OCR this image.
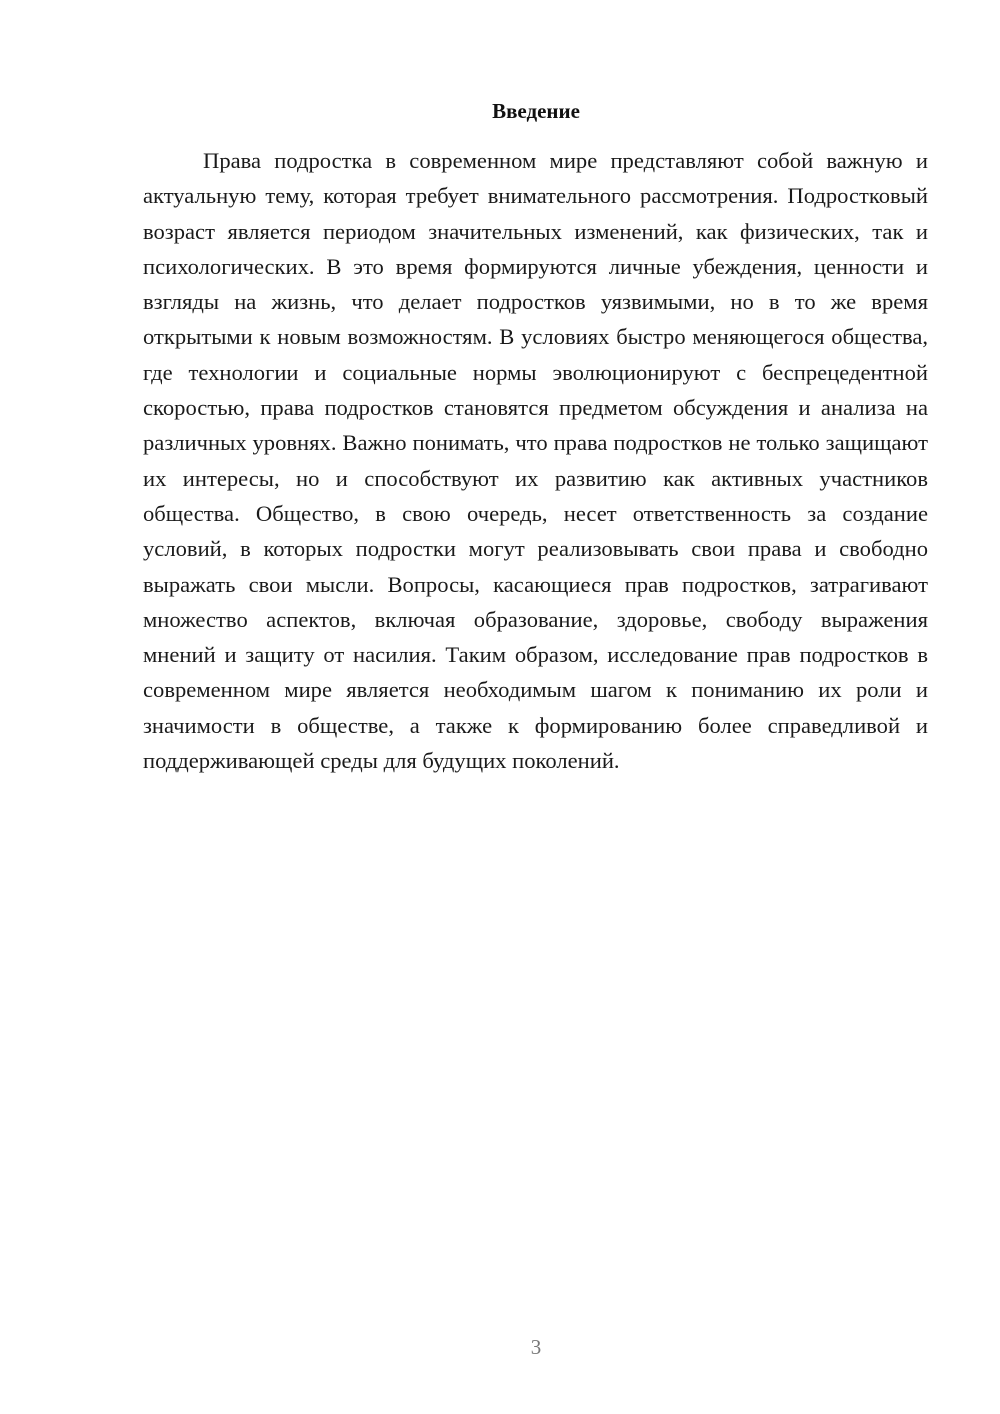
Введение

Права подростка в современном мире представляют собой важную и актуальную тему, которая требует внимательного рассмотрения. Подростковый возраст является периодом значительных изменений, как физических, так и психологических. В это время формируются личные убеждения, ценности и взгляды на жизнь, что делает подростков уязвимыми, но в то же время открытыми к новым возможностям. В условиях быстро меняющегося общества, где технологии и социальные нормы эволюционируют с беспрецедентной скоростью, права подростков становятся предметом обсуждения и анализа на различных уровнях. Важно понимать, что права подростков не только защищают их интересы, но и способствуют их развитию как активных участников общества. Общество, в свою очередь, несет ответственность за создание условий, в которых подростки могут реализовывать свои права и свободно выражать свои мысли. Вопросы, касающиеся прав подростков, затрагивают множество аспектов, включая образование, здоровье, свободу выражения мнений и защиту от насилия. Таким образом, исследование прав подростков в современном мире является необходимым шагом к пониманию их роли и значимости в обществе, а также к формированию более справедливой и поддерживающей среды для будущих поколений.

3
